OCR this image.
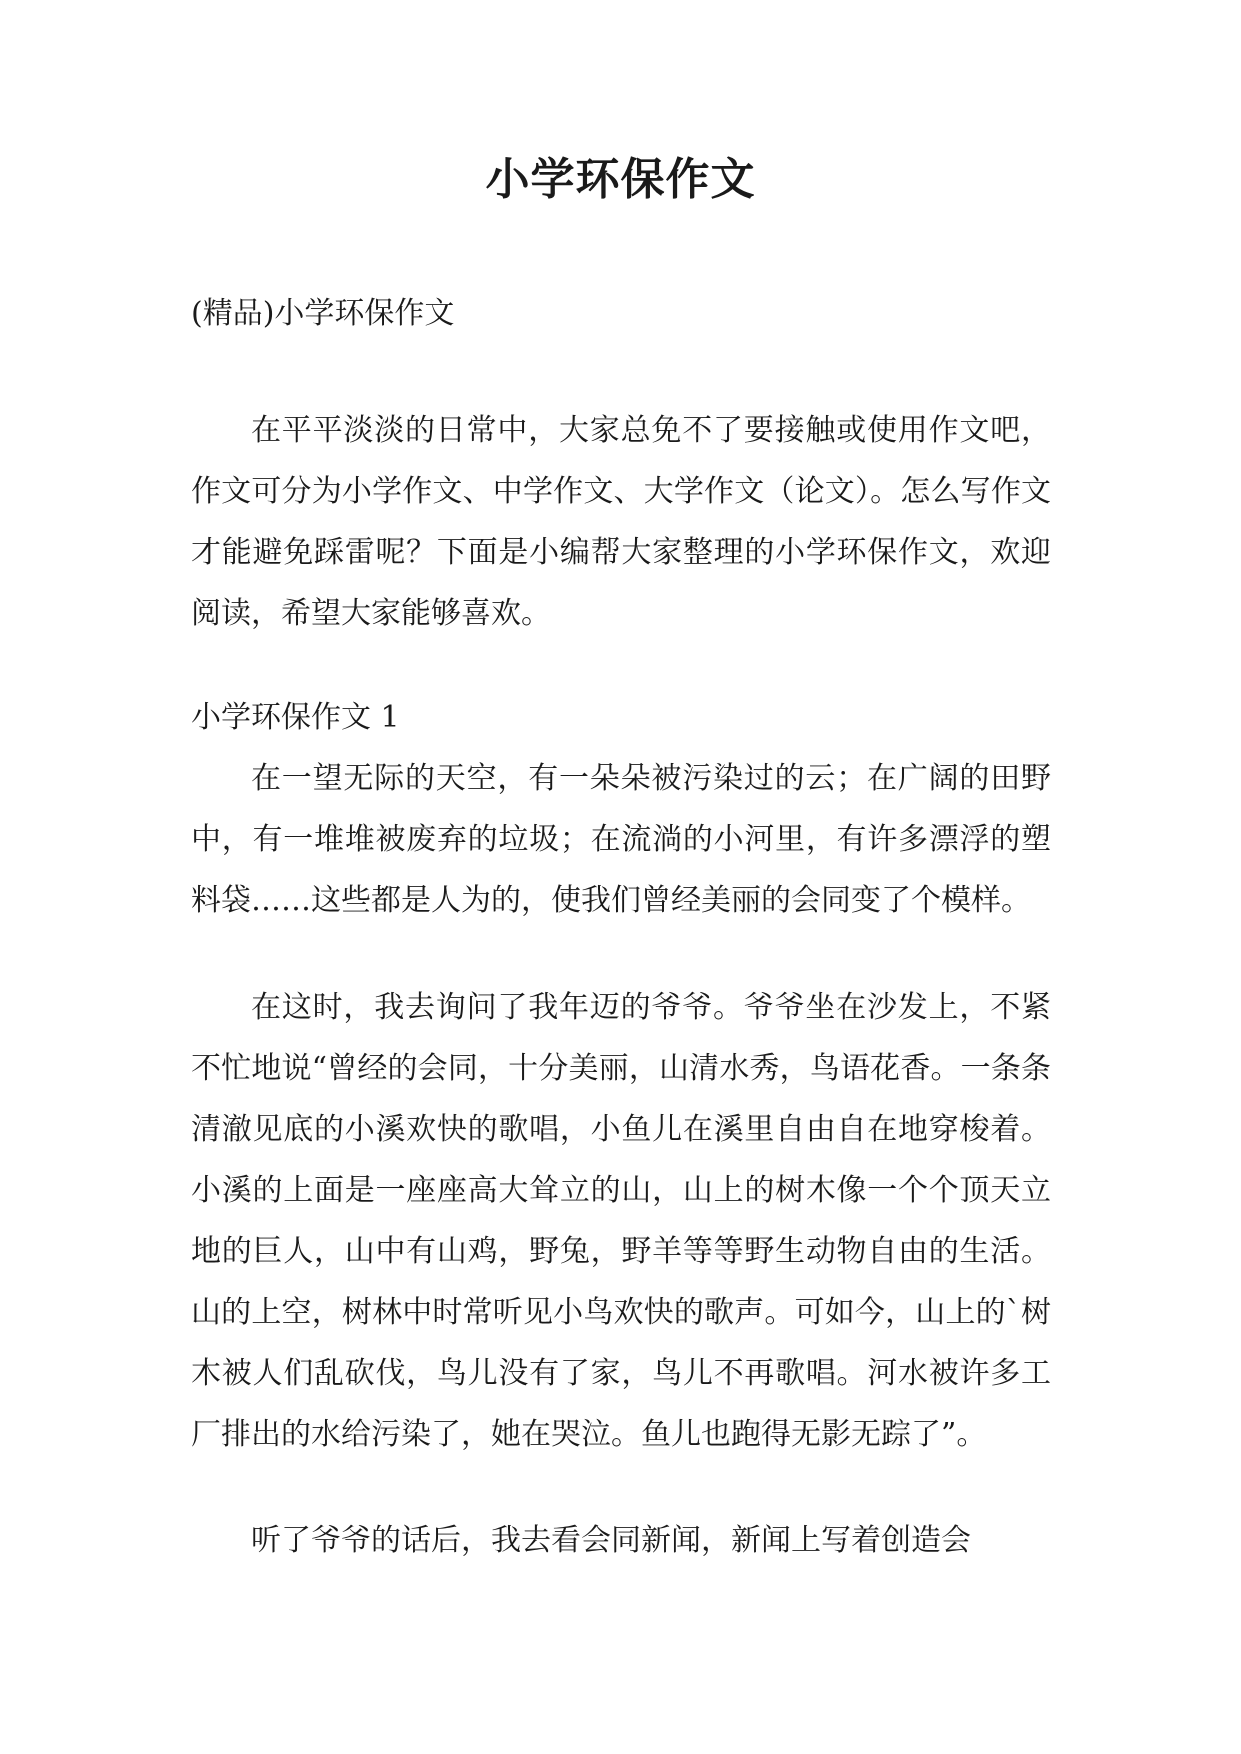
小学环保作文
(精品)小学环保作文

在平平淡淡的日常中，大家总免不了要接触或使用作文吧，作文可分为小学作文、中学作文、大学作文（论文）。怎么写作文才能避免踩雷呢？下面是小编帮大家整理的小学环保作文，欢迎阅读，希望大家能够喜欢。

小学环保作文 1

在一望无际的天空，有一朵朵被污染过的云；在广阔的田野中，有一堆堆被废弃的垃圾；在流淌的小河里，有许多漂浮的塑料袋……这些都是人为的，使我们曾经美丽的会同变了个模样。

在这时，我去询问了我年迈的爷爷。爷爷坐在沙发上，不紧不忙地说“曾经的会同，十分美丽，山清水秀，鸟语花香。一条条清澈见底的小溪欢快的歌唱，小鱼儿在溪里自由自在地穿梭着。小溪的上面是一座座高大耸立的山，山上的树木像一个个顶天立地的巨人，山中有山鸡，野兔，野羊等等野生动物自由的生活。山的上空，树林中时常听见小鸟欢快的歌声。可如今，山上的`树木被人们乱砍伐，鸟儿没有了家，鸟儿不再歌唱。河水被许多工厂排出的水给污染了，她在哭泣。鱼儿也跑得无影无踪了”。

听了爷爷的话后，我去看会同新闻，新闻上写着创造会
